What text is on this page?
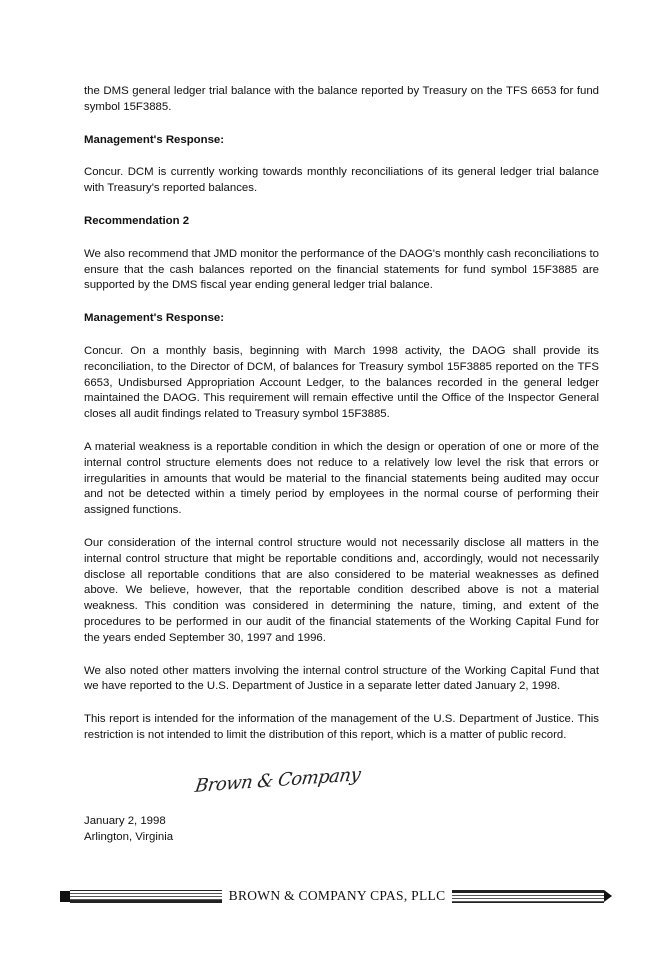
the DMS general ledger trial balance with the balance reported by Treasury on the TFS 6653 for fund symbol 15F3885.

Management's Response:

Concur. DCM is currently working towards monthly reconciliations of its general ledger trial balance with Treasury's reported balances.

Recommendation 2

We also recommend that JMD monitor the performance of the DAOG's monthly cash reconciliations to ensure that the cash balances reported on the financial statements for fund symbol 15F3885 are supported by the DMS fiscal year ending general ledger trial balance.

Management's Response:

Concur. On a monthly basis, beginning with March 1998 activity, the DAOG shall provide its reconciliation, to the Director of DCM, of balances for Treasury symbol 15F3885 reported on the TFS 6653, Undisbursed Appropriation Account Ledger, to the balances recorded in the general ledger maintained the DAOG. This requirement will remain effective until the Office of the Inspector General closes all audit findings related to Treasury symbol 15F3885.

A material weakness is a reportable condition in which the design or operation of one or more of the internal control structure elements does not reduce to a relatively low level the risk that errors or irregularities in amounts that would be material to the financial statements being audited may occur and not be detected within a timely period by employees in the normal course of performing their assigned functions.

Our consideration of the internal control structure would not necessarily disclose all matters in the internal control structure that might be reportable conditions and, accordingly, would not necessarily disclose all reportable conditions that are also considered to be material weaknesses as defined above. We believe, however, that the reportable condition described above is not a material weakness. This condition was considered in determining the nature, timing, and extent of the procedures to be performed in our audit of the financial statements of the Working Capital Fund for the years ended September 30, 1997 and 1996.

We also noted other matters involving the internal control structure of the Working Capital Fund that we have reported to the U.S. Department of Justice in a separate letter dated January 2, 1998.

This report is intended for the information of the management of the U.S. Department of Justice. This restriction is not intended to limit the distribution of this report, which is a matter of public record.

Brown & Company
January 2, 1998
Arlington, Virginia
BROWN & COMPANY CPAS, PLLC
